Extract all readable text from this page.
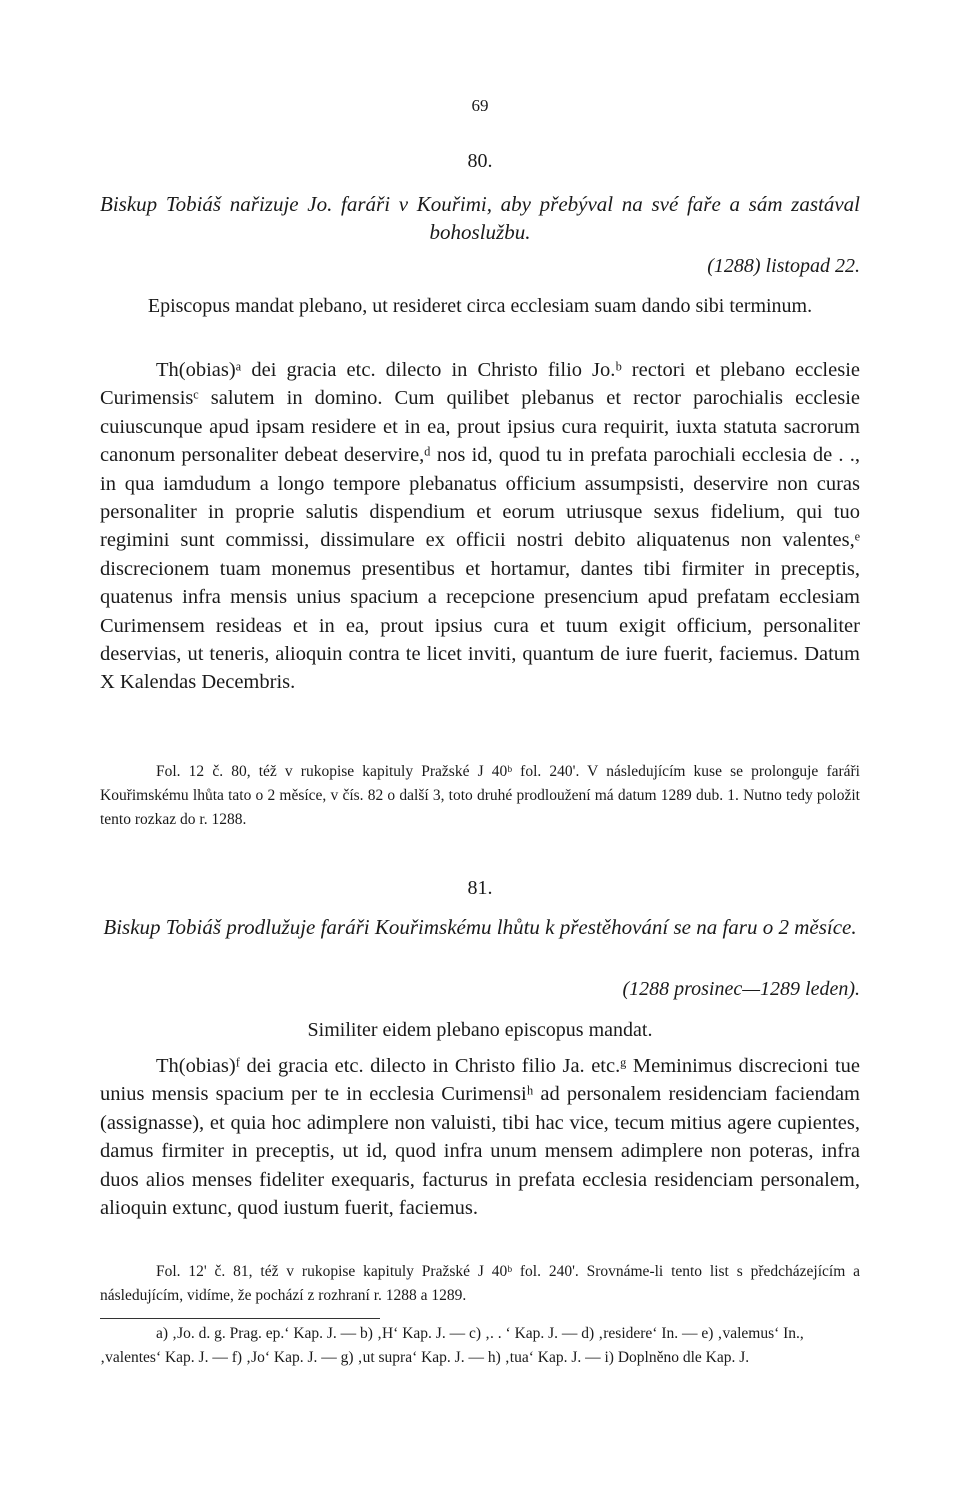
69
80.
Biskup Tobiáš nařizuje Jo. faráři v Kouřimi, aby přebýval na své faře a sám zastával bohoslužbu.
(1288) listopad 22.
Episcopus mandat plebano, ut resideret circa ecclesiam suam dando sibi terminum.

Th(obias)ᵃ dei gracia etc. dilecto in Christo filio Jo.ᵇ rectori et plebano ecclesie Curimensisᶜ salutem in domino. Cum quilibet plebanus et rector parochialis ecclesie cuiuscunque apud ipsam residere et in ea, prout ipsius cura requirit, iuxta statuta sacrorum canonum personaliter debeat deservire,ᵈ nos id, quod tu in prefata parochiali ecclesia de . ., in qua iamdudum a longo tempore plebanatus officium assumpsisti, deservire non curas personaliter in proprie salutis dispendium et eorum utriusque sexus fidelium, qui tuo regimini sunt commissi, dissimulare ex officii nostri debito aliquatenus non valentes,ᵉ discrecionem tuam monemus presentibus et hortamur, dantes tibi firmiter in preceptis, quatenus infra mensis unius spacium a recepcione presencium apud prefatam ecclesiam Curimensem resideas et in ea, prout ipsius cura et tuum exigit officium, personaliter deservias, ut teneris, alioquin contra te licet inviti, quantum de iure fuerit, faciemus. Datum X Kalendas Decembris.

Fol. 12 č. 80, též v rukopise kapituly Pražské J 40ᵇ fol. 240'. V následujícím kuse se prolonguje faráři Kouřimskému lhůta tato o 2 měsíce, v čís. 82 o další 3, toto druhé prodloužení má datum 1289 dub. 1. Nutno tedy položit tento rozkaz do r. 1288.

81.
Biskup Tobiáš prodlužuje faráři Kouřimskému lhůtu k přestěhování se na faru o 2 měsíce.
(1288 prosinec—1289 leden).
Similiter eidem plebano episcopus mandat.

Th(obias)ᶠ dei gracia etc. dilecto in Christo filio Ja. etc.ᵍ Meminimus discrecioni tue unius mensis spacium per te in ecclesia Curimensiʰ ad personalem residenciam faciendam (assignasse), et quia hoc adimplere non valuisti, tibi hac vice, tecum mitius agere cupientes, damus firmiter in preceptis, ut id, quod infra unum mensem adimplere non poteras, infra duos alios menses fideliter exequaris, facturus in prefata ecclesia residenciam personalem, alioquin extunc, quod iustum fuerit, faciemus.

Fol. 12' č. 81, též v rukopise kapituly Pražské J 40ᵇ fol. 240'. Srovnáme-li tento list s předcházejícím a následujícím, vidíme, že pochází z rozhraní r. 1288 a 1289.

a) ‚Jo. d. g. Prag. ep.‘ Kap. J. — b) ‚H‘ Kap. J. — c) ‚. . ‘ Kap. J. — d) ‚residere‘ In. — e) ‚valemus‘ In., ‚valentes‘ Kap. J. — f) ‚Jo‘ Kap. J. — g) ‚ut supra‘ Kap. J. — h) ‚tua‘ Kap. J. — i) Doplněno dle Kap. J.
